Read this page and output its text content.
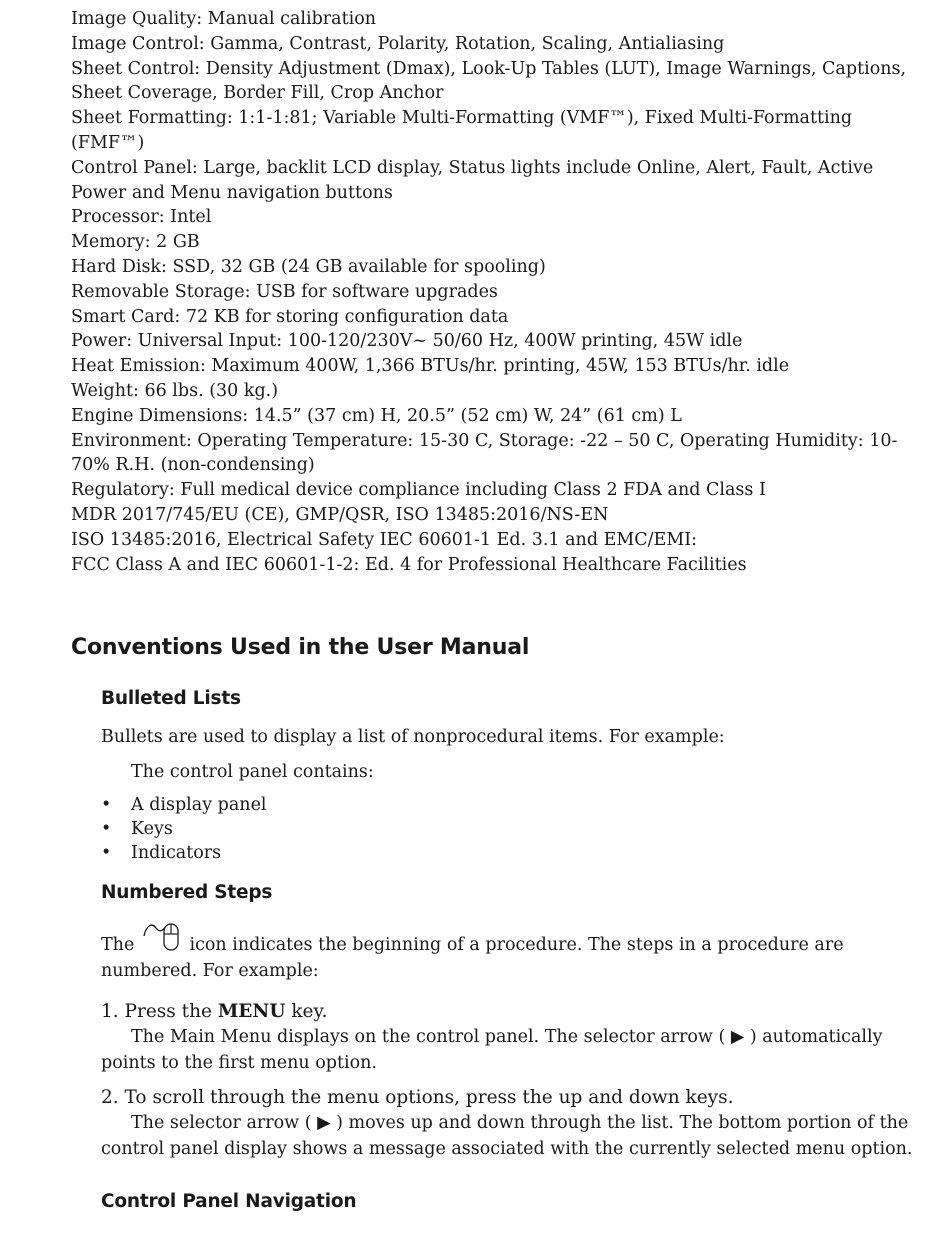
Image Quality: Manual calibration

Image Control: Gamma, Contrast, Polarity, Rotation, Scaling, Antialiasing

Sheet Control: Density Adjustment (Dmax), Look-Up Tables (LUT), Image Warnings, Captions, Sheet Coverage, Border Fill, Crop Anchor

Sheet Formatting: 1:1-1:81; Variable Multi-Formatting (VMF™), Fixed Multi-Formatting (FMF™)

Control Panel: Large, backlit LCD display, Status lights include Online, Alert, Fault, Active Power and Menu navigation buttons

Processor: Intel

Memory: 2 GB

Hard Disk: SSD, 32 GB (24 GB available for spooling)

Removable Storage: USB for software upgrades

Smart Card: 72 KB for storing configuration data

Power: Universal Input: 100-120/230V~ 50/60 Hz, 400W printing, 45W idle

Heat Emission: Maximum 400W, 1,366 BTUs/hr. printing, 45W, 153 BTUs/hr. idle

Weight: 66 lbs. (30 kg.)

Engine Dimensions: 14.5” (37 cm) H, 20.5” (52 cm) W, 24” (61 cm) L

Environment: Operating Temperature: 15-30 C, Storage: -22 – 50 C, Operating Humidity: 10-70% R.H. (non-condensing)

Regulatory: Full medical device compliance including Class 2 FDA and Class I

MDR 2017/745/EU (CE), GMP/QSR, ISO 13485:2016/NS-EN

ISO 13485:2016, Electrical Safety IEC 60601-1 Ed. 3.1 and EMC/EMI:

FCC Class A and IEC 60601-1-2: Ed. 4 for Professional Healthcare Facilities

Conventions Used in the User Manual
Bulleted Lists

Bullets are used to display a list of nonprocedural items. For example:

The control panel contains:

• A display panel
• Keys
• Indicators
Numbered Steps

The	icon indicates the beginning of a procedure. The steps in a procedure are numbered. For example:

1. Press the MENU key.

The Main Menu displays on the control panel. The selector arrow ( ▶ ) automatically points to the first menu option.

2. To scroll through the menu options, press the up and down keys.

The selector arrow ( ▶ ) moves up and down through the list. The bottom portion of the control panel display shows a message associated with the currently selected menu option.

Control Panel Navigation
